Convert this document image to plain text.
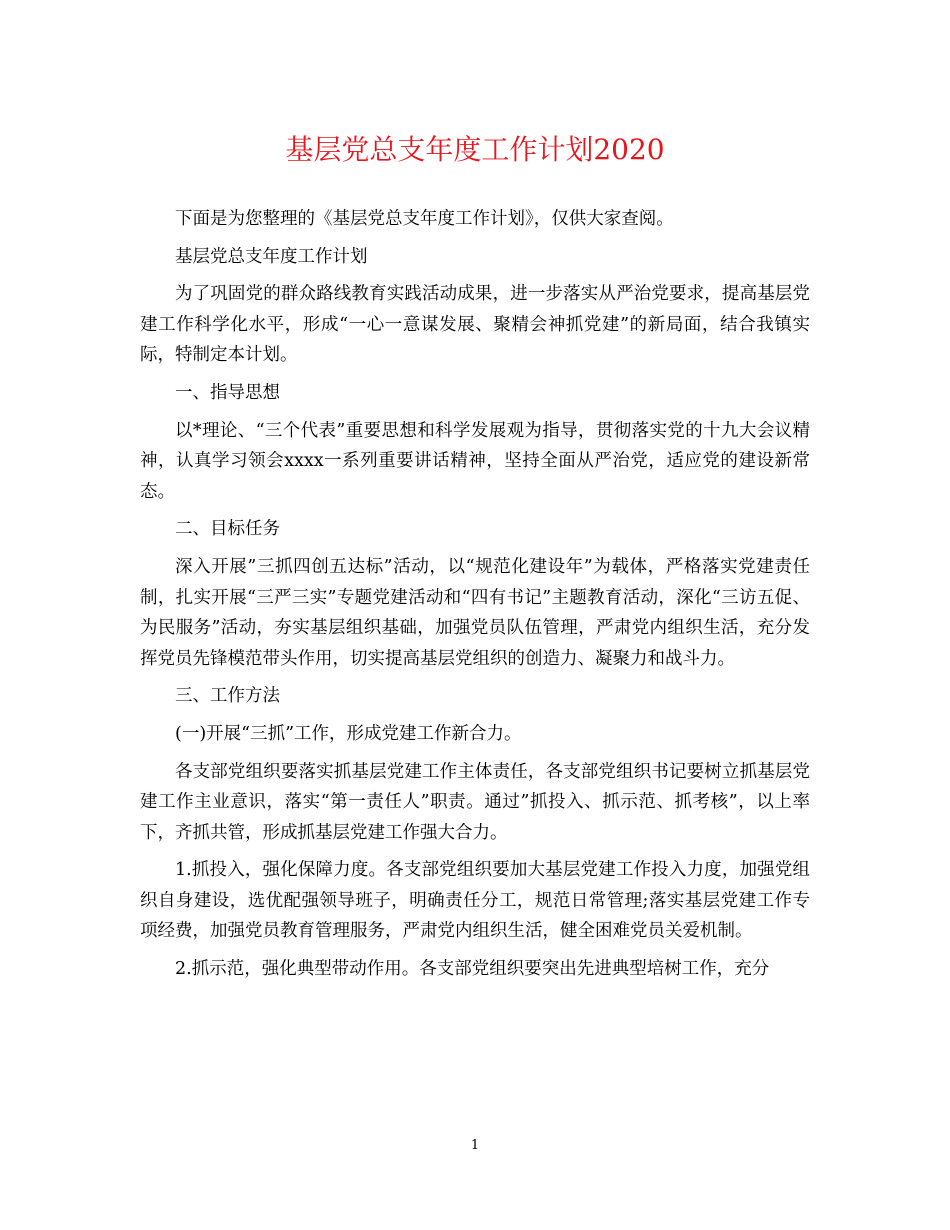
基层党总支年度工作计划2020

下面是为您整理的《基层党总支年度工作计划》，仅供大家查阅。

基层党总支年度工作计划

为了巩固党的群众路线教育实践活动成果，进一步落实从严治党要求，提高基层党建工作科学化水平，形成“一心一意谋发展、聚精会神抓党建”的新局面，结合我镇实际，特制定本计划。

一、指导思想

以*理论、“三个代表”重要思想和科学发展观为指导，贯彻落实党的十九大会议精神，认真学习领会xxxx一系列重要讲话精神，坚持全面从严治党，适应党的建设新常态。

二、目标任务

深入开展”三抓四创五达标”活动，以“规范化建设年”为载体，严格落实党建责任制，扎实开展“三严三实”专题党建活动和“四有书记”主题教育活动，深化“三访五促、为民服务”活动，夯实基层组织基础，加强党员队伍管理，严肃党内组织生活，充分发挥党员先锋模范带头作用，切实提高基层党组织的创造力、凝聚力和战斗力。

三、工作方法

(一)开展“三抓”工作，形成党建工作新合力。

各支部党组织要落实抓基层党建工作主体责任，各支部党组织书记要树立抓基层党建工作主业意识，落实“第一责任人”职责。通过”抓投入、抓示范、抓考核”，以上率下，齐抓共管，形成抓基层党建工作强大合力。

1.抓投入，强化保障力度。各支部党组织要加大基层党建工作投入力度，加强党组织自身建设，选优配强领导班子，明确责任分工，规范日常管理;落实基层党建工作专项经费，加强党员教育管理服务，严肃党内组织生活，健全困难党员关爱机制。

2.抓示范，强化典型带动作用。各支部党组织要突出先进典型培树工作，充分

1
